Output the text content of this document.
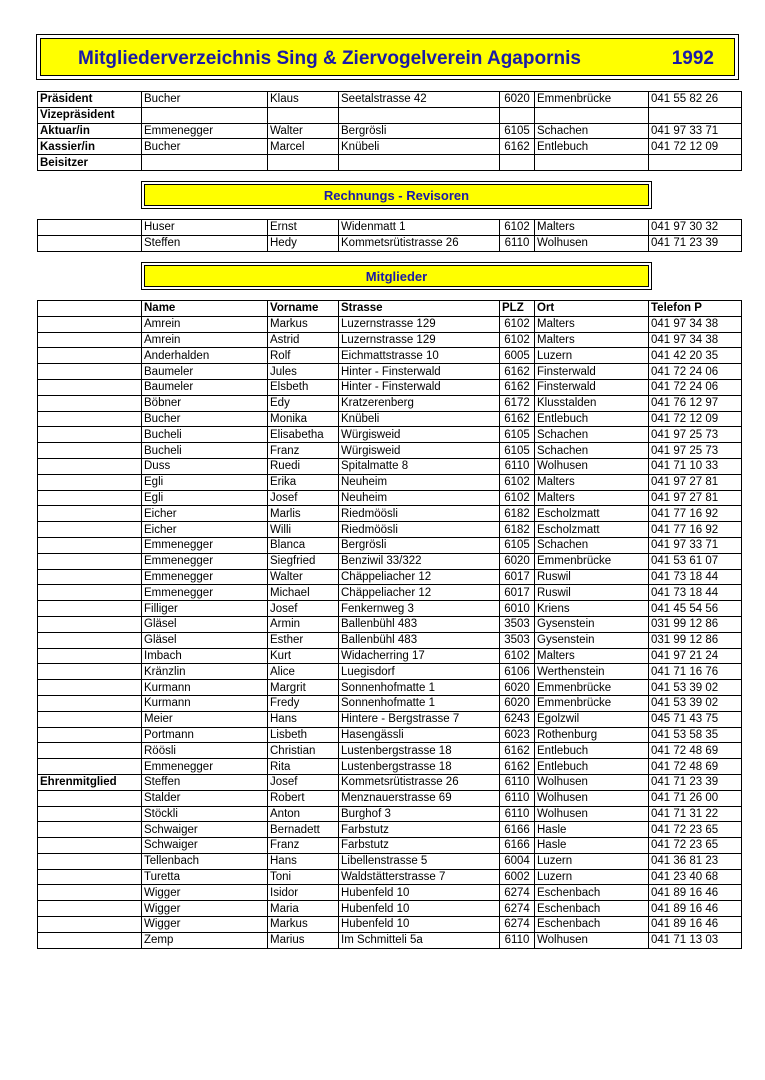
Mitgliederverzeichnis Sing & Ziervogelverein Agapornis	1992
Präsident	Bucher	Klaus	Seetalstrasse 42	6020	Emmenbrücke	041 55 82 26
Vizepräsident						
Aktuar/in	Emmenegger	Walter	Bergrösli	6105	Schachen	041 97 33 71
Kassier/in	Bucher	Marcel	Knübeli	6162	Entlebuch	041 72 12 09
Beisitzer						
Rechnungs - Revisoren
	Huser	Ernst	Widenmatt 1	6102	Malters	041 97 30 32
	Steffen	Hedy	Kommetsrütistrasse 26	6110	Wolhusen	041 71 23 39
Mitglieder
	Name	Vorname	Strasse	PLZ	Ort	Telefon P
	Amrein	Markus	Luzernstrasse 129	6102	Malters	041 97 34 38
	Amrein	Astrid	Luzernstrasse 129	6102	Malters	041 97 34 38
	Anderhalden	Rolf	Eichmattstrasse 10	6005	Luzern	041 42 20 35
	Baumeler	Jules	Hinter - Finsterwald	6162	Finsterwald	041 72 24 06
	Baumeler	Elsbeth	Hinter - Finsterwald	6162	Finsterwald	041 72 24 06
	Böbner	Edy	Kratzerenberg	6172	Klusstalden	041 76 12 97
	Bucher	Monika	Knübeli	6162	Entlebuch	041 72 12 09
	Bucheli	Elisabetha	Würgisweid	6105	Schachen	041 97 25 73
	Bucheli	Franz	Würgisweid	6105	Schachen	041 97 25 73
	Duss	Ruedi	Spitalmatte 8	6110	Wolhusen	041 71 10 33
	Egli	Erika	Neuheim	6102	Malters	041 97 27 81
	Egli	Josef	Neuheim	6102	Malters	041 97 27 81
	Eicher	Marlis	Riedmöösli	6182	Escholzmatt	041 77 16 92
	Eicher	Willi	Riedmöösli	6182	Escholzmatt	041 77 16 92
	Emmenegger	Blanca	Bergrösli	6105	Schachen	041 97 33 71
	Emmenegger	Siegfried	Benziwil 33/322	6020	Emmenbrücke	041 53 61 07
	Emmenegger	Walter	Chäppeliacher 12	6017	Ruswil	041 73 18 44
	Emmenegger	Michael	Chäppeliacher 12	6017	Ruswil	041 73 18 44
	Filliger	Josef	Fenkernweg 3	6010	Kriens	041 45 54 56
	Gläsel	Armin	Ballenbühl 483	3503	Gysenstein	031 99 12 86
	Gläsel	Esther	Ballenbühl 483	3503	Gysenstein	031 99 12 86
	Imbach	Kurt	Widacherring 17	6102	Malters	041 97 21 24
	Kränzlin	Alice	Luegisdorf	6106	Werthenstein	041 71 16 76
	Kurmann	Margrit	Sonnenhofmatte 1	6020	Emmenbrücke	041 53 39 02
	Kurmann	Fredy	Sonnenhofmatte 1	6020	Emmenbrücke	041 53 39 02
	Meier	Hans	Hintere - Bergstrasse 7	6243	Egolzwil	045 71 43 75
	Portmann	Lisbeth	Hasengässli	6023	Rothenburg	041 53 58 35
	Röösli	Christian	Lustenbergstrasse 18	6162	Entlebuch	041 72 48 69
	Emmenegger	Rita	Lustenbergstrasse 18	6162	Entlebuch	041 72 48 69
Ehrenmitglied	Steffen	Josef	Kommetsrütistrasse 26	6110	Wolhusen	041 71 23 39
	Stalder	Robert	Menznauerstrasse 69	6110	Wolhusen	041 71 26 00
	Stöckli	Anton	Burghof 3	6110	Wolhusen	041 71 31 22
	Schwaiger	Bernadett	Farbstutz	6166	Hasle	041 72 23 65
	Schwaiger	Franz	Farbstutz	6166	Hasle	041 72 23 65
	Tellenbach	Hans	Libellenstrasse 5	6004	Luzern	041 36 81 23
	Turetta	Toni	Waldstätterstrasse 7	6002	Luzern	041 23 40 68
	Wigger	Isidor	Hubenfeld 10	6274	Eschenbach	041 89 16 46
	Wigger	Maria	Hubenfeld 10	6274	Eschenbach	041 89 16 46
	Wigger	Markus	Hubenfeld 10	6274	Eschenbach	041 89 16 46
	Zemp	Marius	Im Schmitteli 5a	6110	Wolhusen	041 71 13 03
